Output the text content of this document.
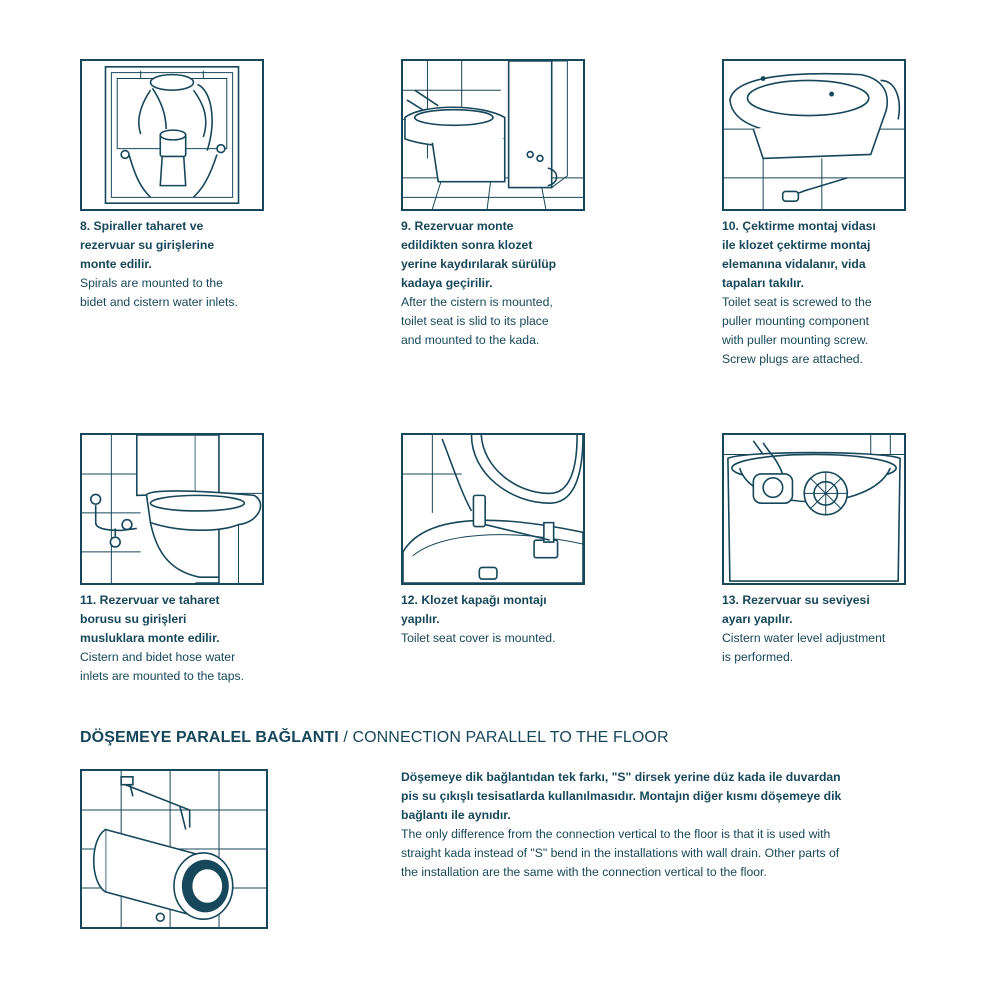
8. Spiraller taharet ve
rezervuar su girişlerine
monte edilir.
Spirals are mounted to the
bidet and cistern water inlets.
9. Rezervuar monte
edildikten sonra klozet
yerine kaydırılarak sürülüp
kadaya geçirilir.
After the cistern is mounted,
toilet seat is slid to its place
and mounted to the kada.
10. Çektirme montaj vidası
ile klozet çektirme montaj
elemanına vidalanır, vida
tapaları takılır.
Toilet seat is screwed to the
puller mounting component
with puller mounting screw.
Screw plugs are attached.
11. Rezervuar ve taharet
borusu su girişleri
musluklara monte edilir.
Cistern and bidet hose water
inlets are mounted to the taps.
12. Klozet kapağı montajı
yapılır.
Toilet seat cover is mounted.
13. Rezervuar su seviyesi
ayarı yapılır.
Cistern water level adjustment
is performed.
DÖŞEMEYE PARALEL BAĞLANTI / CONNECTION PARALLEL TO THE FLOOR
Döşemeye dik bağlantıdan tek farkı, "S" dirsek yerine düz kada ile duvardan
pis su çıkışlı tesisatlarda kullanılmasıdır. Montajın diğer kısmı döşemeye dik
bağlantı ile aynıdır.
The only difference from the connection vertical to the floor is that it is used with
straight kada instead of "S" bend in the installations with wall drain. Other parts of
the installation are the same with the connection vertical to the floor.
